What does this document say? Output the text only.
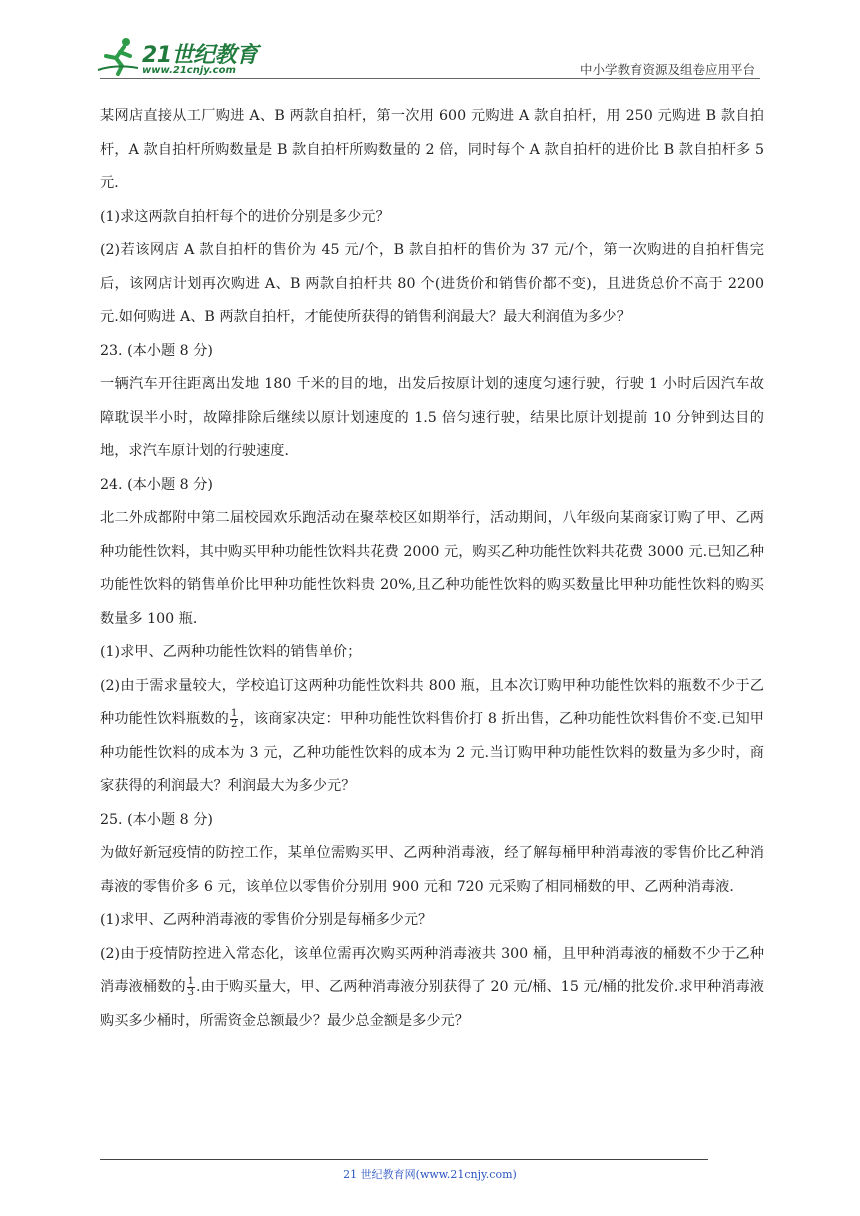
21世纪教育
www.21cnjy.com	中小学教育资源及组卷应用平台

某网店直接从工厂购进 A、B 两款自拍杆，第一次用 600 元购进 A 款自拍杆，用 250 元购进 B 款自拍杆，A 款自拍杆所购数量是 B 款自拍杆所购数量的 2 倍，同时每个 A 款自拍杆的进价比 B 款自拍杆多 5 元．

(1)求这两款自拍杆每个的进价分别是多少元？

(2)若该网店 A 款自拍杆的售价为 45 元/个，B 款自拍杆的售价为 37 元/个，第一次购进的自拍杆售完后，该网店计划再次购进 A、B 两款自拍杆共 80 个(进货价和销售价都不变)，且进货总价不高于 2200 元.如何购进 A、B 两款自拍杆，才能使所获得的销售利润最大？最大利润值为多少？

23. (本小题 8 分)

一辆汽车开往距离出发地 180 千米的目的地，出发后按原计划的速度匀速行驶，行驶 1 小时后因汽车故障耽误半小时，故障排除后继续以原计划速度的 1.5 倍匀速行驶，结果比原计划提前 10 分钟到达目的地，求汽车原计划的行驶速度．

24. (本小题 8 分)

北二外成都附中第二届校园欢乐跑活动在聚萃校区如期举行，活动期间，八年级向某商家订购了甲、乙两种功能性饮料，其中购买甲种功能性饮料共花费 2000 元，购买乙种功能性饮料共花费 3000 元.已知乙种功能性饮料的销售单价比甲种功能性饮料贵 20%,且乙种功能性饮料的购买数量比甲种功能性饮料的购买数量多 100 瓶．

(1)求甲、乙两种功能性饮料的销售单价；

(2)由于需求量较大，学校追订这两种功能性饮料共 800 瓶，且本次订购甲种功能性饮料的瓶数不少于乙种功能性饮料瓶数的 $\frac{1}{2}$ ，该商家决定：甲种功能性饮料售价打 8 折出售，乙种功能性饮料售价不变.已知甲种功能性饮料的成本为 3 元，乙种功能性饮料的成本为 2 元.当订购甲种功能性饮料的数量为多少时，商家获得的利润最大？利润最大为多少元？

25. (本小题 8 分)

为做好新冠疫情的防控工作，某单位需购买甲、乙两种消毒液，经了解每桶甲种消毒液的零售价比乙种消毒液的零售价多 6 元，该单位以零售价分别用 900 元和 720 元采购了相同桶数的甲、乙两种消毒液．

(1)求甲、乙两种消毒液的零售价分别是每桶多少元？

(2)由于疫情防控进入常态化，该单位需再次购买两种消毒液共 300 桶，且甲种消毒液的桶数不少于乙种消毒液桶数的 $\frac{1}{3}$ .由于购买量大，甲、乙两种消毒液分别获得了 20 元/桶、15 元/桶的批发价.求甲种消毒液购买多少桶时，所需资金总额最少？最少总金额是多少元？

21 世纪教育网(www.21cnjy.com)
